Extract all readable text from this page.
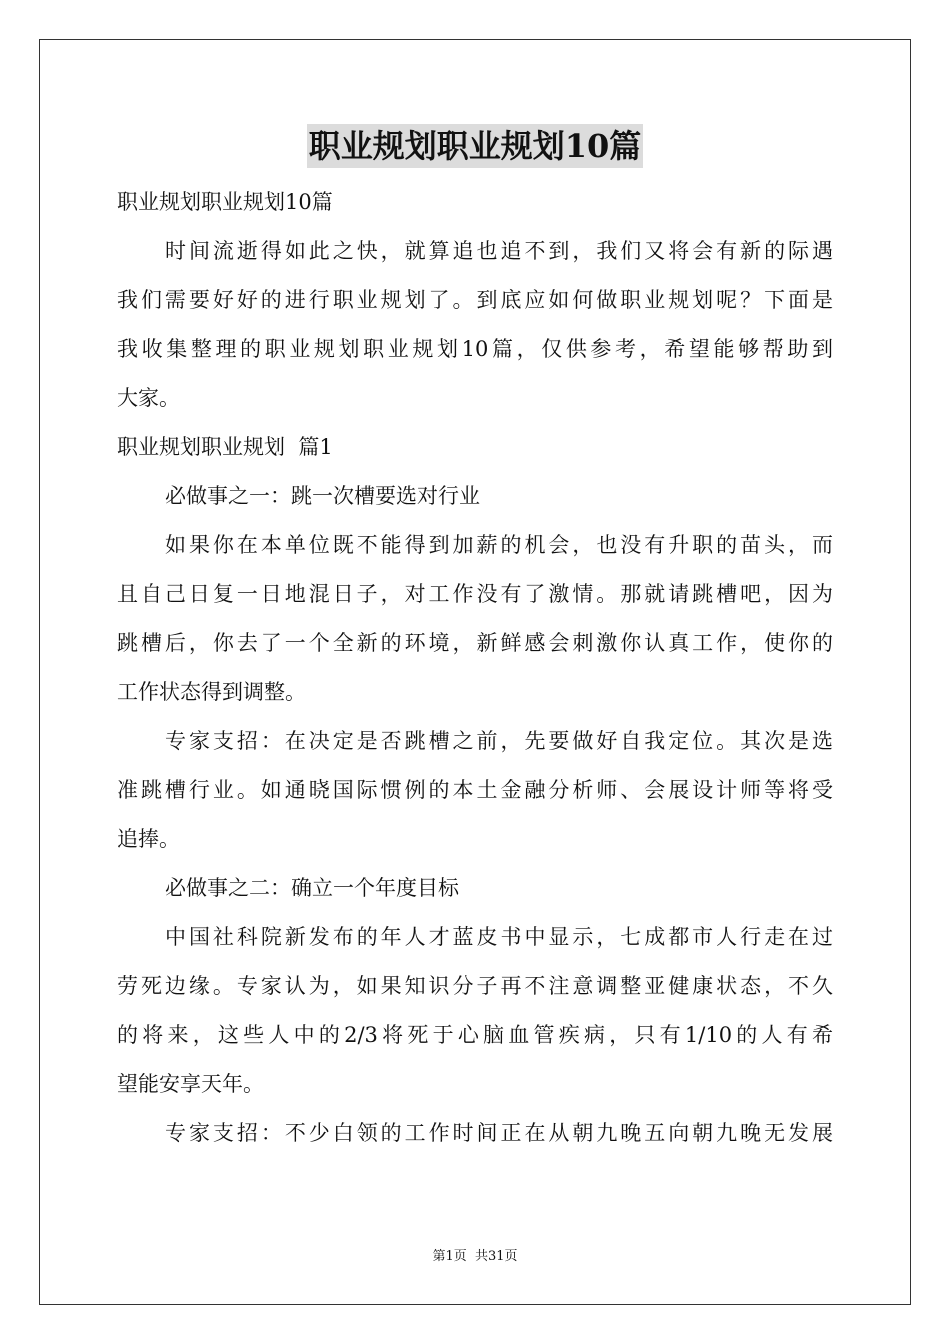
职业规划职业规划10篇
职业规划职业规划10篇
时间流逝得如此之快，就算追也追不到，我们又将会有新的际遇
我们需要好好的进行职业规划了。到底应如何做职业规划呢？下面是
我收集整理的职业规划职业规划10篇，仅供参考，希望能够帮助到
大家。
职业规划职业规划  篇1
必做事之一：跳一次槽要选对行业
如果你在本单位既不能得到加薪的机会，也没有升职的苗头，而
且自己日复一日地混日子，对工作没有了激情。那就请跳槽吧，因为
跳槽后，你去了一个全新的环境，新鲜感会刺激你认真工作，使你的
工作状态得到调整。
专家支招：在决定是否跳槽之前，先要做好自我定位。其次是选
准跳槽行业。如通晓国际惯例的本土金融分析师、会展设计师等将受
追捧。
必做事之二：确立一个年度目标
中国社科院新发布的年人才蓝皮书中显示，七成都市人行走在过
劳死边缘。专家认为，如果知识分子再不注意调整亚健康状态，不久
的将来，这些人中的2/3将死于心脑血管疾病，只有1/10的人有希
望能安享天年。
专家支招：不少白领的工作时间正在从朝九晚五向朝九晚无发展
第1页 共31页
